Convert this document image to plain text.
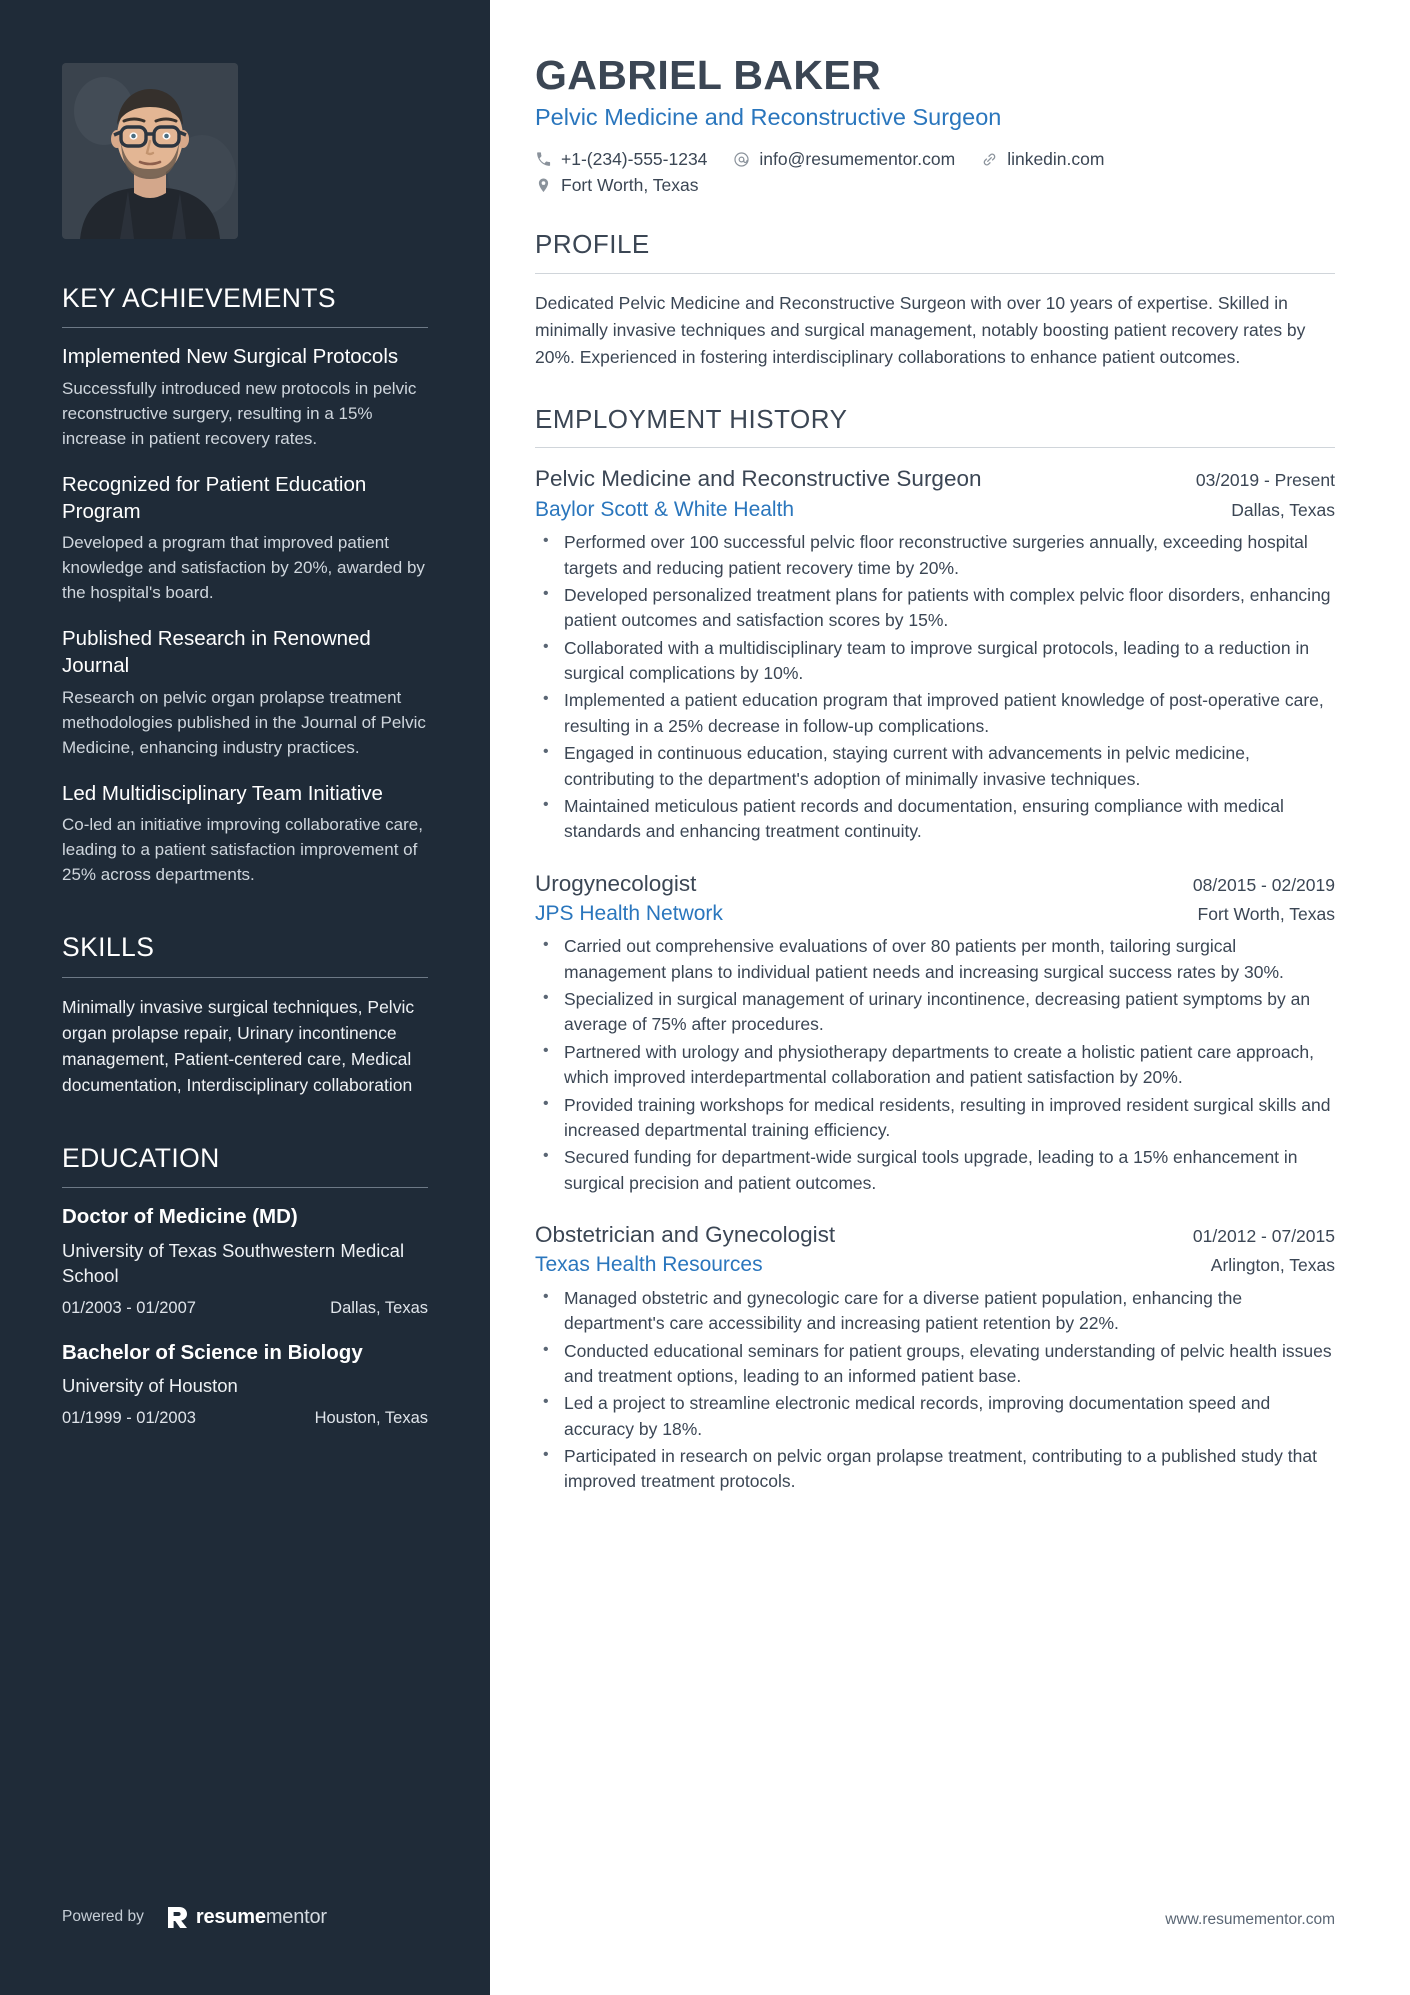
KEY ACHIEVEMENTS
Implemented New Surgical Protocols

Successfully introduced new protocols in pelvic reconstructive surgery, resulting in a 15% increase in patient recovery rates.

Recognized for Patient Education Program

Developed a program that improved patient knowledge and satisfaction by 20%, awarded by the hospital's board.

Published Research in Renowned Journal

Research on pelvic organ prolapse treatment methodologies published in the Journal of Pelvic Medicine, enhancing industry practices.

Led Multidisciplinary Team Initiative

Co-led an initiative improving collaborative care, leading to a patient satisfaction improvement of 25% across departments.

SKILLS

Minimally invasive surgical techniques, Pelvic organ prolapse repair, Urinary incontinence management, Patient-centered care, Medical documentation, Interdisciplinary collaboration

EDUCATION
Doctor of Medicine (MD)

University of Texas Southwestern Medical School

01/2003 - 01/2007	Dallas, Texas
Bachelor of Science in Biology

University of Houston

01/1999 - 01/2003	Houston, Texas
Powered by	resumementor
GABRIEL BAKER
Pelvic Medicine and Reconstructive Surgeon
+1-(234)-555-1234	info@resumementor.com	linkedin.com
Fort Worth, Texas
PROFILE

Dedicated Pelvic Medicine and Reconstructive Surgeon with over 10 years of expertise. Skilled in minimally invasive techniques and surgical management, notably boosting patient recovery rates by 20%. Experienced in fostering interdisciplinary collaborations to enhance patient outcomes.

EMPLOYMENT HISTORY
Pelvic Medicine and Reconstructive Surgeon	03/2019 - Present
Baylor Scott & White Health	Dallas, Texas
• Performed over 100 successful pelvic floor reconstructive surgeries annually, exceeding hospital targets and reducing patient recovery time by 20%.
• Developed personalized treatment plans for patients with complex pelvic floor disorders, enhancing patient outcomes and satisfaction scores by 15%.
• Collaborated with a multidisciplinary team to improve surgical protocols, leading to a reduction in surgical complications by 10%.
• Implemented a patient education program that improved patient knowledge of post-operative care, resulting in a 25% decrease in follow-up complications.
• Engaged in continuous education, staying current with advancements in pelvic medicine, contributing to the department's adoption of minimally invasive techniques.
• Maintained meticulous patient records and documentation, ensuring compliance with medical standards and enhancing treatment continuity.
Urogynecologist	08/2015 - 02/2019
JPS Health Network	Fort Worth, Texas
• Carried out comprehensive evaluations of over 80 patients per month, tailoring surgical management plans to individual patient needs and increasing surgical success rates by 30%.
• Specialized in surgical management of urinary incontinence, decreasing patient symptoms by an average of 75% after procedures.
• Partnered with urology and physiotherapy departments to create a holistic patient care approach, which improved interdepartmental collaboration and patient satisfaction by 20%.
• Provided training workshops for medical residents, resulting in improved resident surgical skills and increased departmental training efficiency.
• Secured funding for department-wide surgical tools upgrade, leading to a 15% enhancement in surgical precision and patient outcomes.
Obstetrician and Gynecologist	01/2012 - 07/2015
Texas Health Resources	Arlington, Texas
• Managed obstetric and gynecologic care for a diverse patient population, enhancing the department's care accessibility and increasing patient retention by 22%.
• Conducted educational seminars for patient groups, elevating understanding of pelvic health issues and treatment options, leading to an informed patient base.
• Led a project to streamline electronic medical records, improving documentation speed and accuracy by 18%.
• Participated in research on pelvic organ prolapse treatment, contributing to a published study that improved treatment protocols.
www.resumementor.com
